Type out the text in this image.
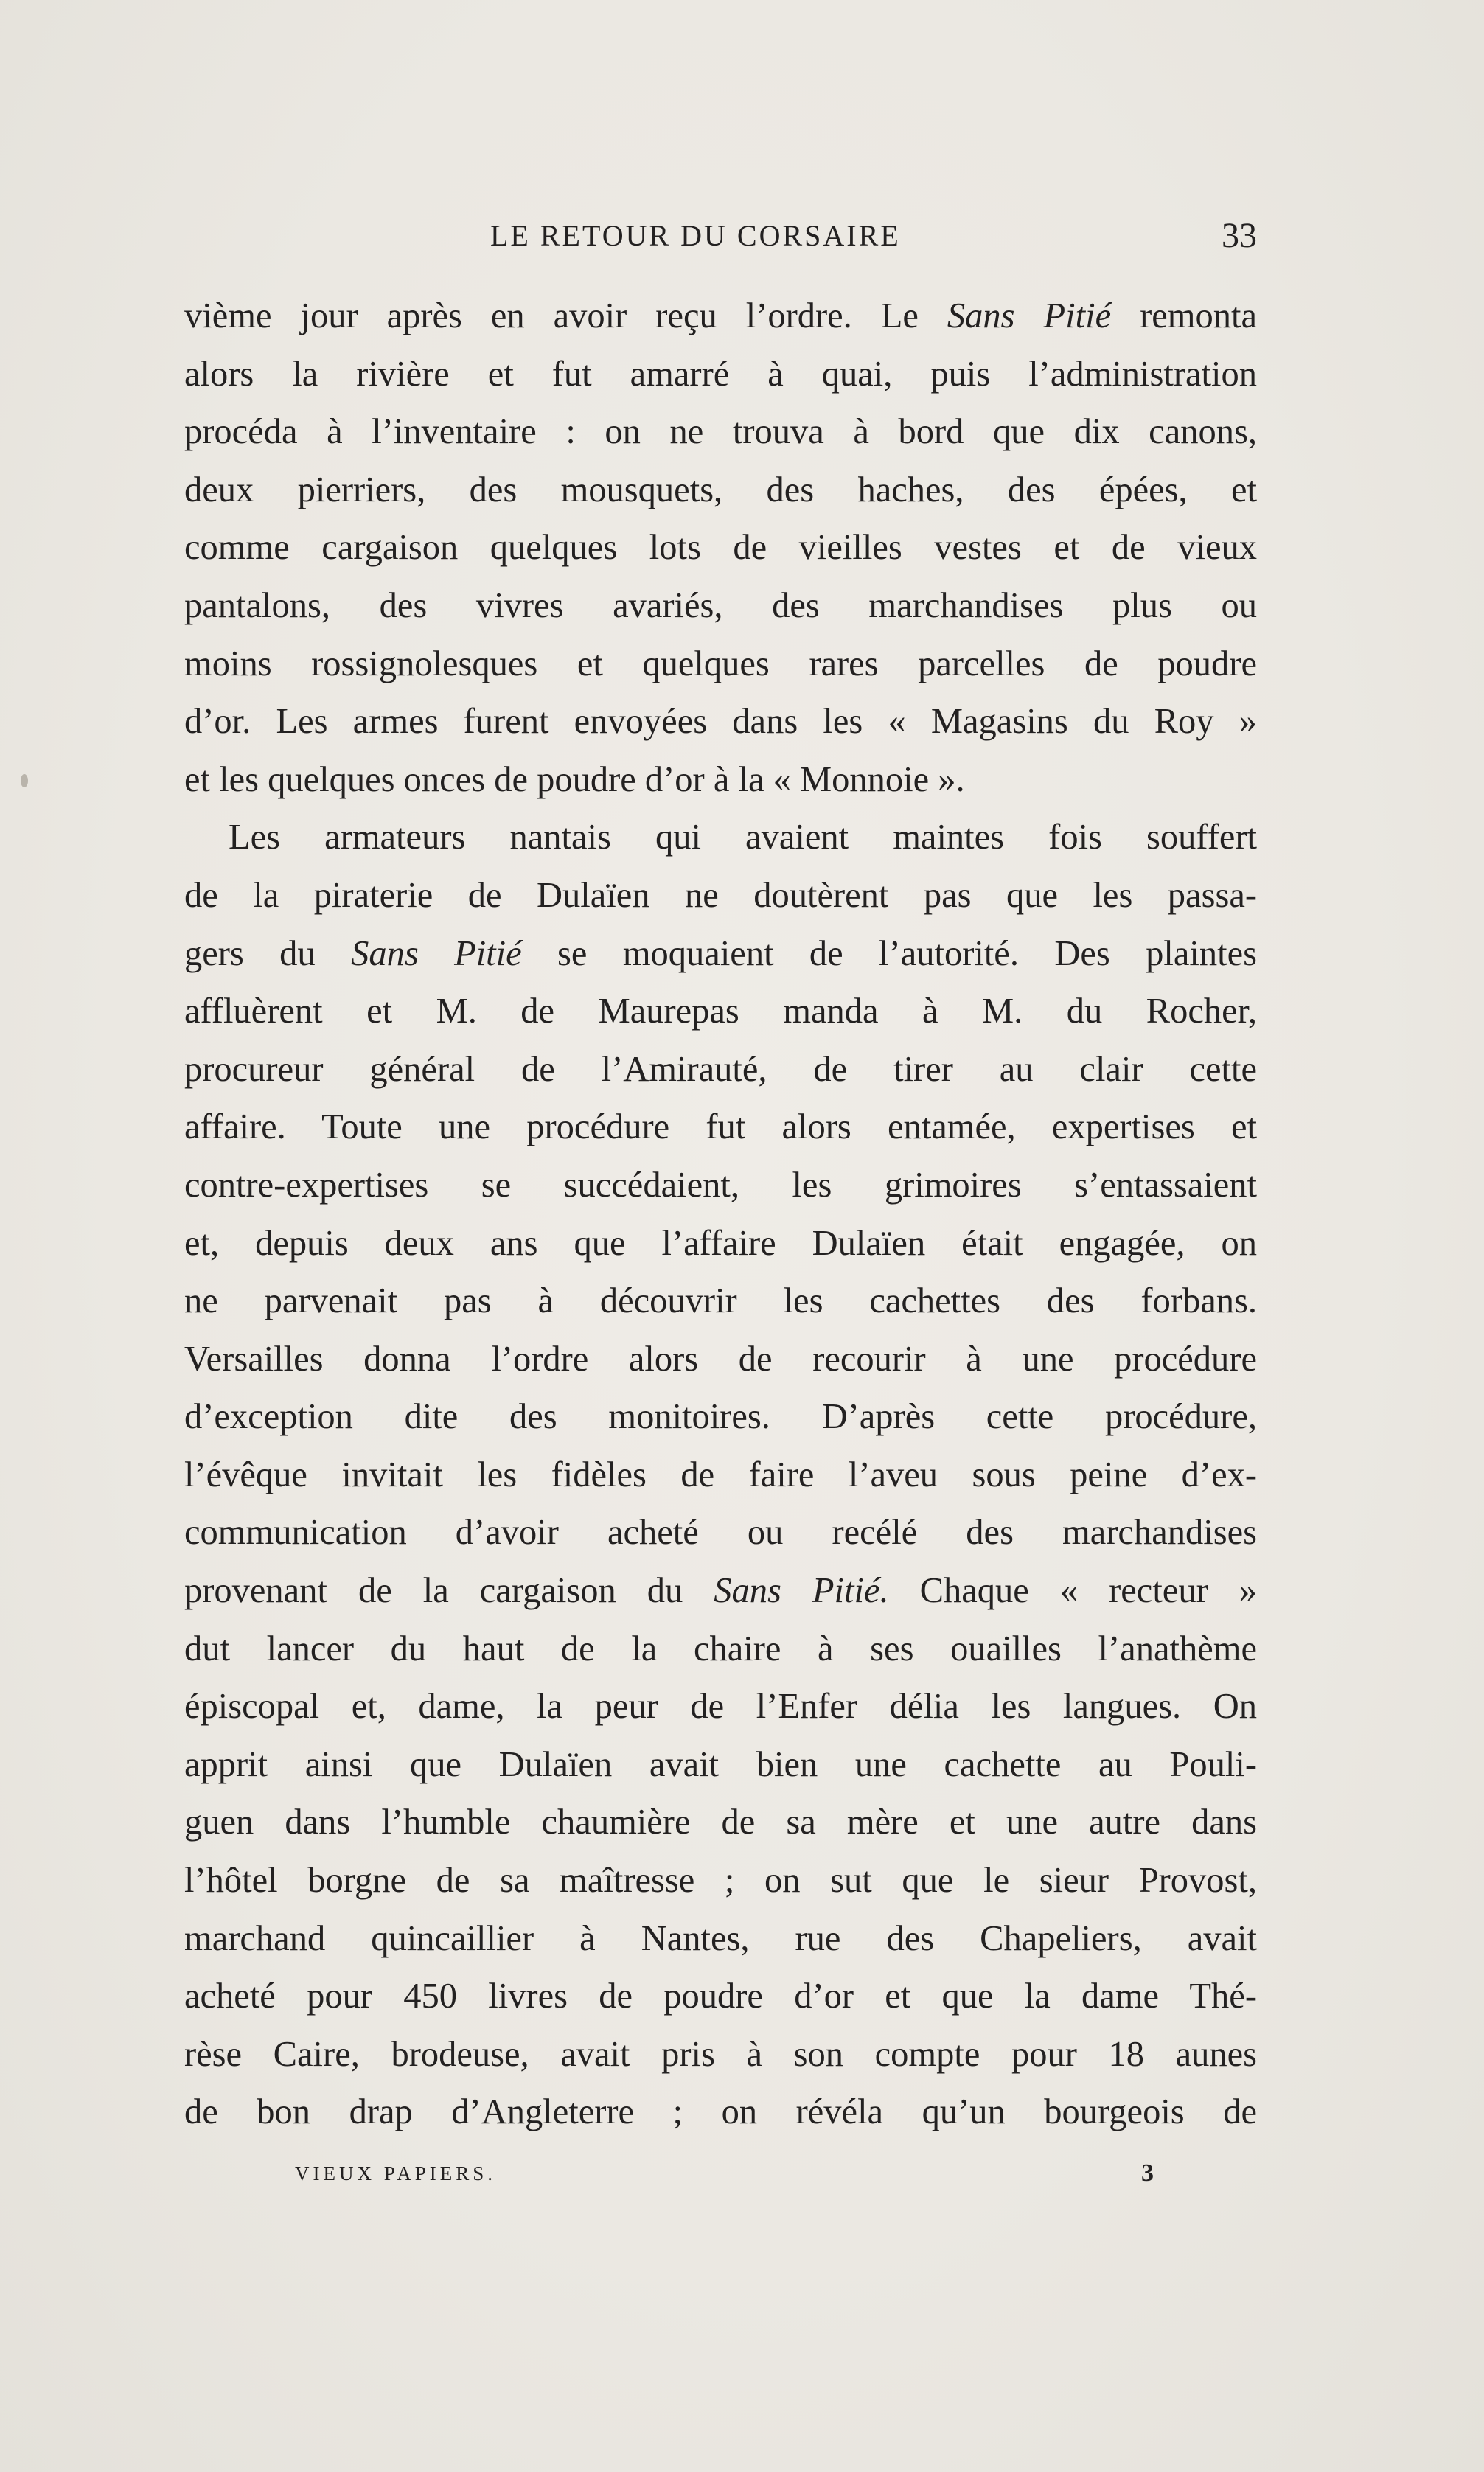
LE RETOUR DU CORSAIRE	33

vième jour après en avoir reçu l’ordre. Le Sans Pitié remonta
alors la rivière et fut amarré à quai, puis l’administration
procéda à l’inventaire : on ne trouva à bord que dix canons,
deux pierriers, des mousquets, des haches, des épées, et
comme cargaison quelques lots de vieilles vestes et de vieux
pantalons, des vivres avariés, des marchandises plus ou
moins rossignolesques et quelques rares parcelles de poudre
d’or. Les armes furent envoyées dans les « Magasins du Roy »
et les quelques onces de poudre d’or à la « Monnoie ».

Les armateurs nantais qui avaient maintes fois souffert
de la piraterie de Dulaïen ne doutèrent pas que les passa-
gers du Sans Pitié se moquaient de l’autorité. Des plaintes
affluèrent et M. de Maurepas manda à M. du Rocher,
procureur général de l’Amirauté, de tirer au clair cette
affaire. Toute une procédure fut alors entamée, expertises et
contre-expertises se succédaient, les grimoires s’entassaient
et, depuis deux ans que l’affaire Dulaïen était engagée, on
ne parvenait pas à découvrir les cachettes des forbans.
Versailles donna l’ordre alors de recourir à une procédure
d’exception dite des monitoires. D’après cette procédure,
l’évêque invitait les fidèles de faire l’aveu sous peine d’ex-
communication d’avoir acheté ou recélé des marchandises
provenant de la cargaison du Sans Pitié. Chaque « recteur »
dut lancer du haut de la chaire à ses ouailles l’anathème
épiscopal et, dame, la peur de l’Enfer délia les langues. On
apprit ainsi que Dulaïen avait bien une cachette au Pouli-
guen dans l’humble chaumière de sa mère et une autre dans
l’hôtel borgne de sa maîtresse ; on sut que le sieur Provost,
marchand quincaillier à Nantes, rue des Chapeliers, avait
acheté pour 450 livres de poudre d’or et que la dame Thé-
rèse Caire, brodeuse, avait pris à son compte pour 18 aunes
de bon drap d’Angleterre ; on révéla qu’un bourgeois de

VIEUX PAPIERS.	3
